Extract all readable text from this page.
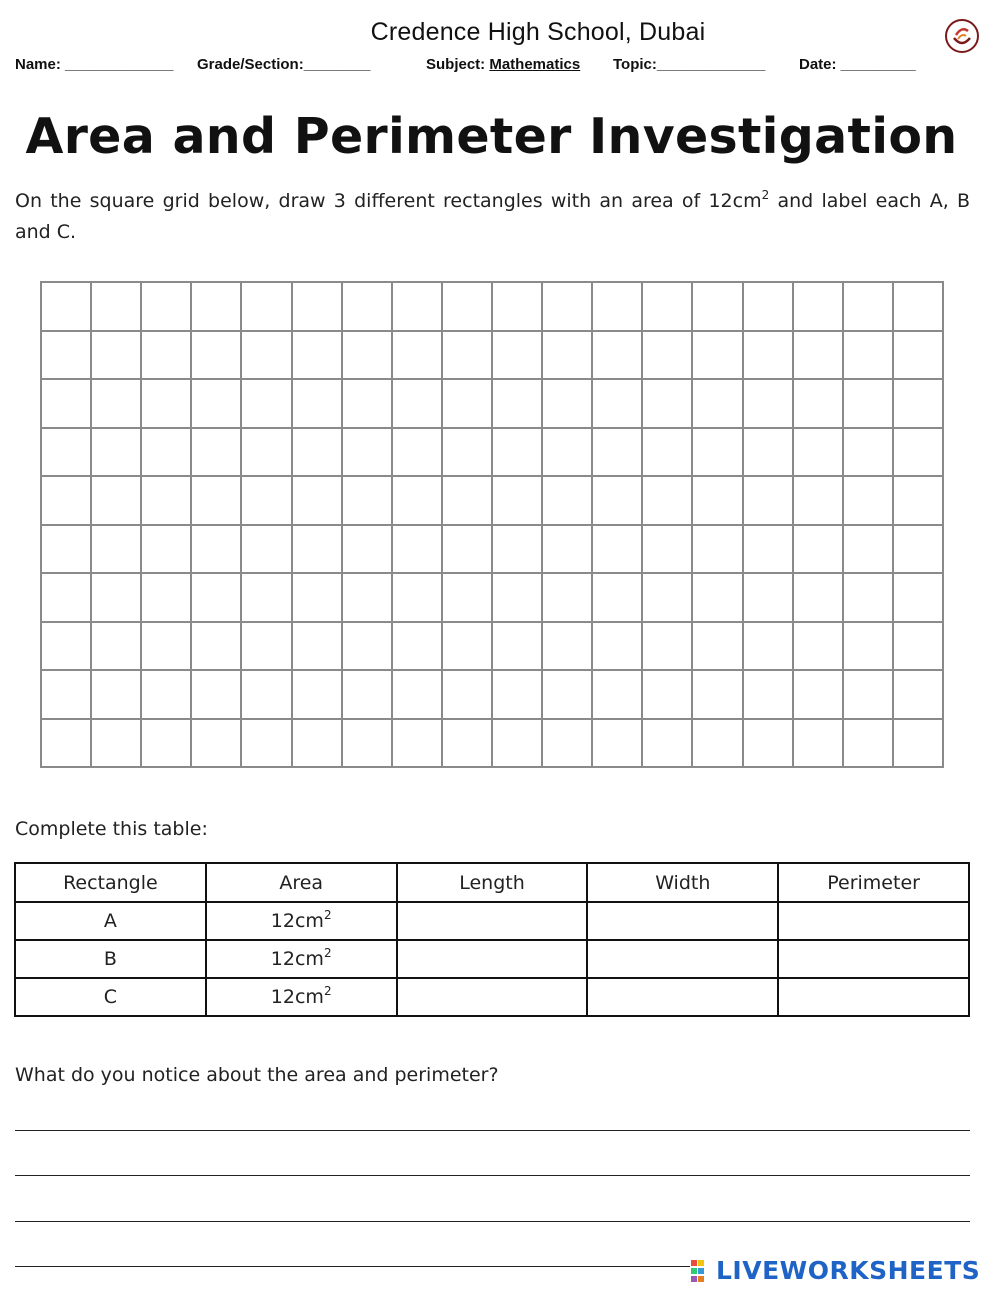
Credence High School, Dubai
Name: _____________ Grade/Section:________	Subject: Mathematics Topic:_____________ Date: _________
Area and Perimeter Investigation
On the square grid below, draw 3 different rectangles with an area of $12cm^2$ and label each A, B and C.
Complete this table:
Rectangle	Area	Length	Width	Perimeter
A	$12cm^2$			
B	$12cm^2$			
C	$12cm^2$			
What do you notice about the area and perimeter?
LIVEWORKSHEETS
